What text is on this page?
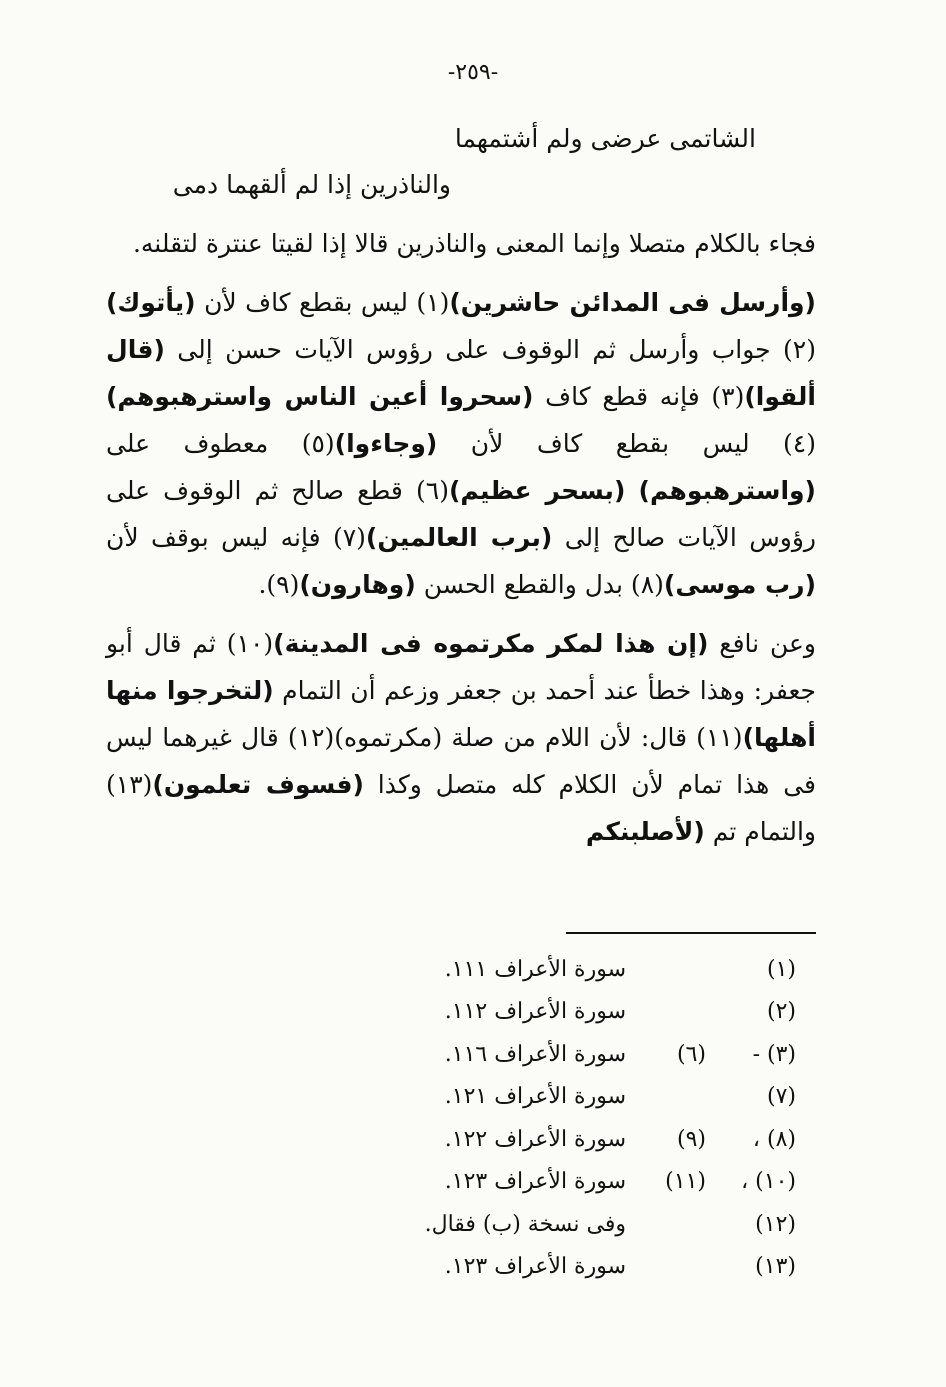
-٢٥٩-
الشاتمى عرضى ولم أشتمهما
والناذرين إذا لم ألقهما دمى

فجاء بالكلام متصلا وإنما المعنى والناذرين قالا إذا لقيتا عنترة لتقلنه.

(وأرسل فى المدائن حاشرين)(١) ليس بقطع كاف لأن (يأتوك)(٢) جواب وأرسل ثم الوقوف على رؤوس الآيات حسن إلى (قال ألقوا)(٣) فإنه قطع كاف (سحروا أعين الناس واسترهبوهم)(٤) ليس بقطع كاف لأن (وجاءوا)(٥) معطوف على (واسترهبوهم) (بسحر عظيم)(٦) قطع صالح ثم الوقوف على رؤوس الآيات صالح إلى (برب العالمين)(٧) فإنه ليس بوقف لأن (رب موسى)(٨) بدل والقطع الحسن (وهارون)(٩).

وعن نافع (إن هذا لمكر مكرتموه فى المدينة)(١٠) ثم قال أبو جعفر: وهذا خطأ عند أحمد بن جعفر وزعم أن التمام (لتخرجوا منها أهلها)(١١) قال: لأن اللام من صلة (مكرتموه)(١٢) قال غيرهما ليس فى هذا تمام لأن الكلام كله متصل وكذا (فسوف تعلمون)(١٣) والتمام تم (لأصلبنكم

(١)
سورة الأعراف ١١١.
(٢)
سورة الأعراف ١١٢.
(٣) -
(٦)
سورة الأعراف ١١٦.
(٧)
سورة الأعراف ١٢١.
(٨) ،
(٩)
سورة الأعراف ١٢٢.
(١٠) ،
(١١)
سورة الأعراف ١٢٣.
(١٢)
وفى نسخة (ب) فقال.
(١٣)
سورة الأعراف ١٢٣.
